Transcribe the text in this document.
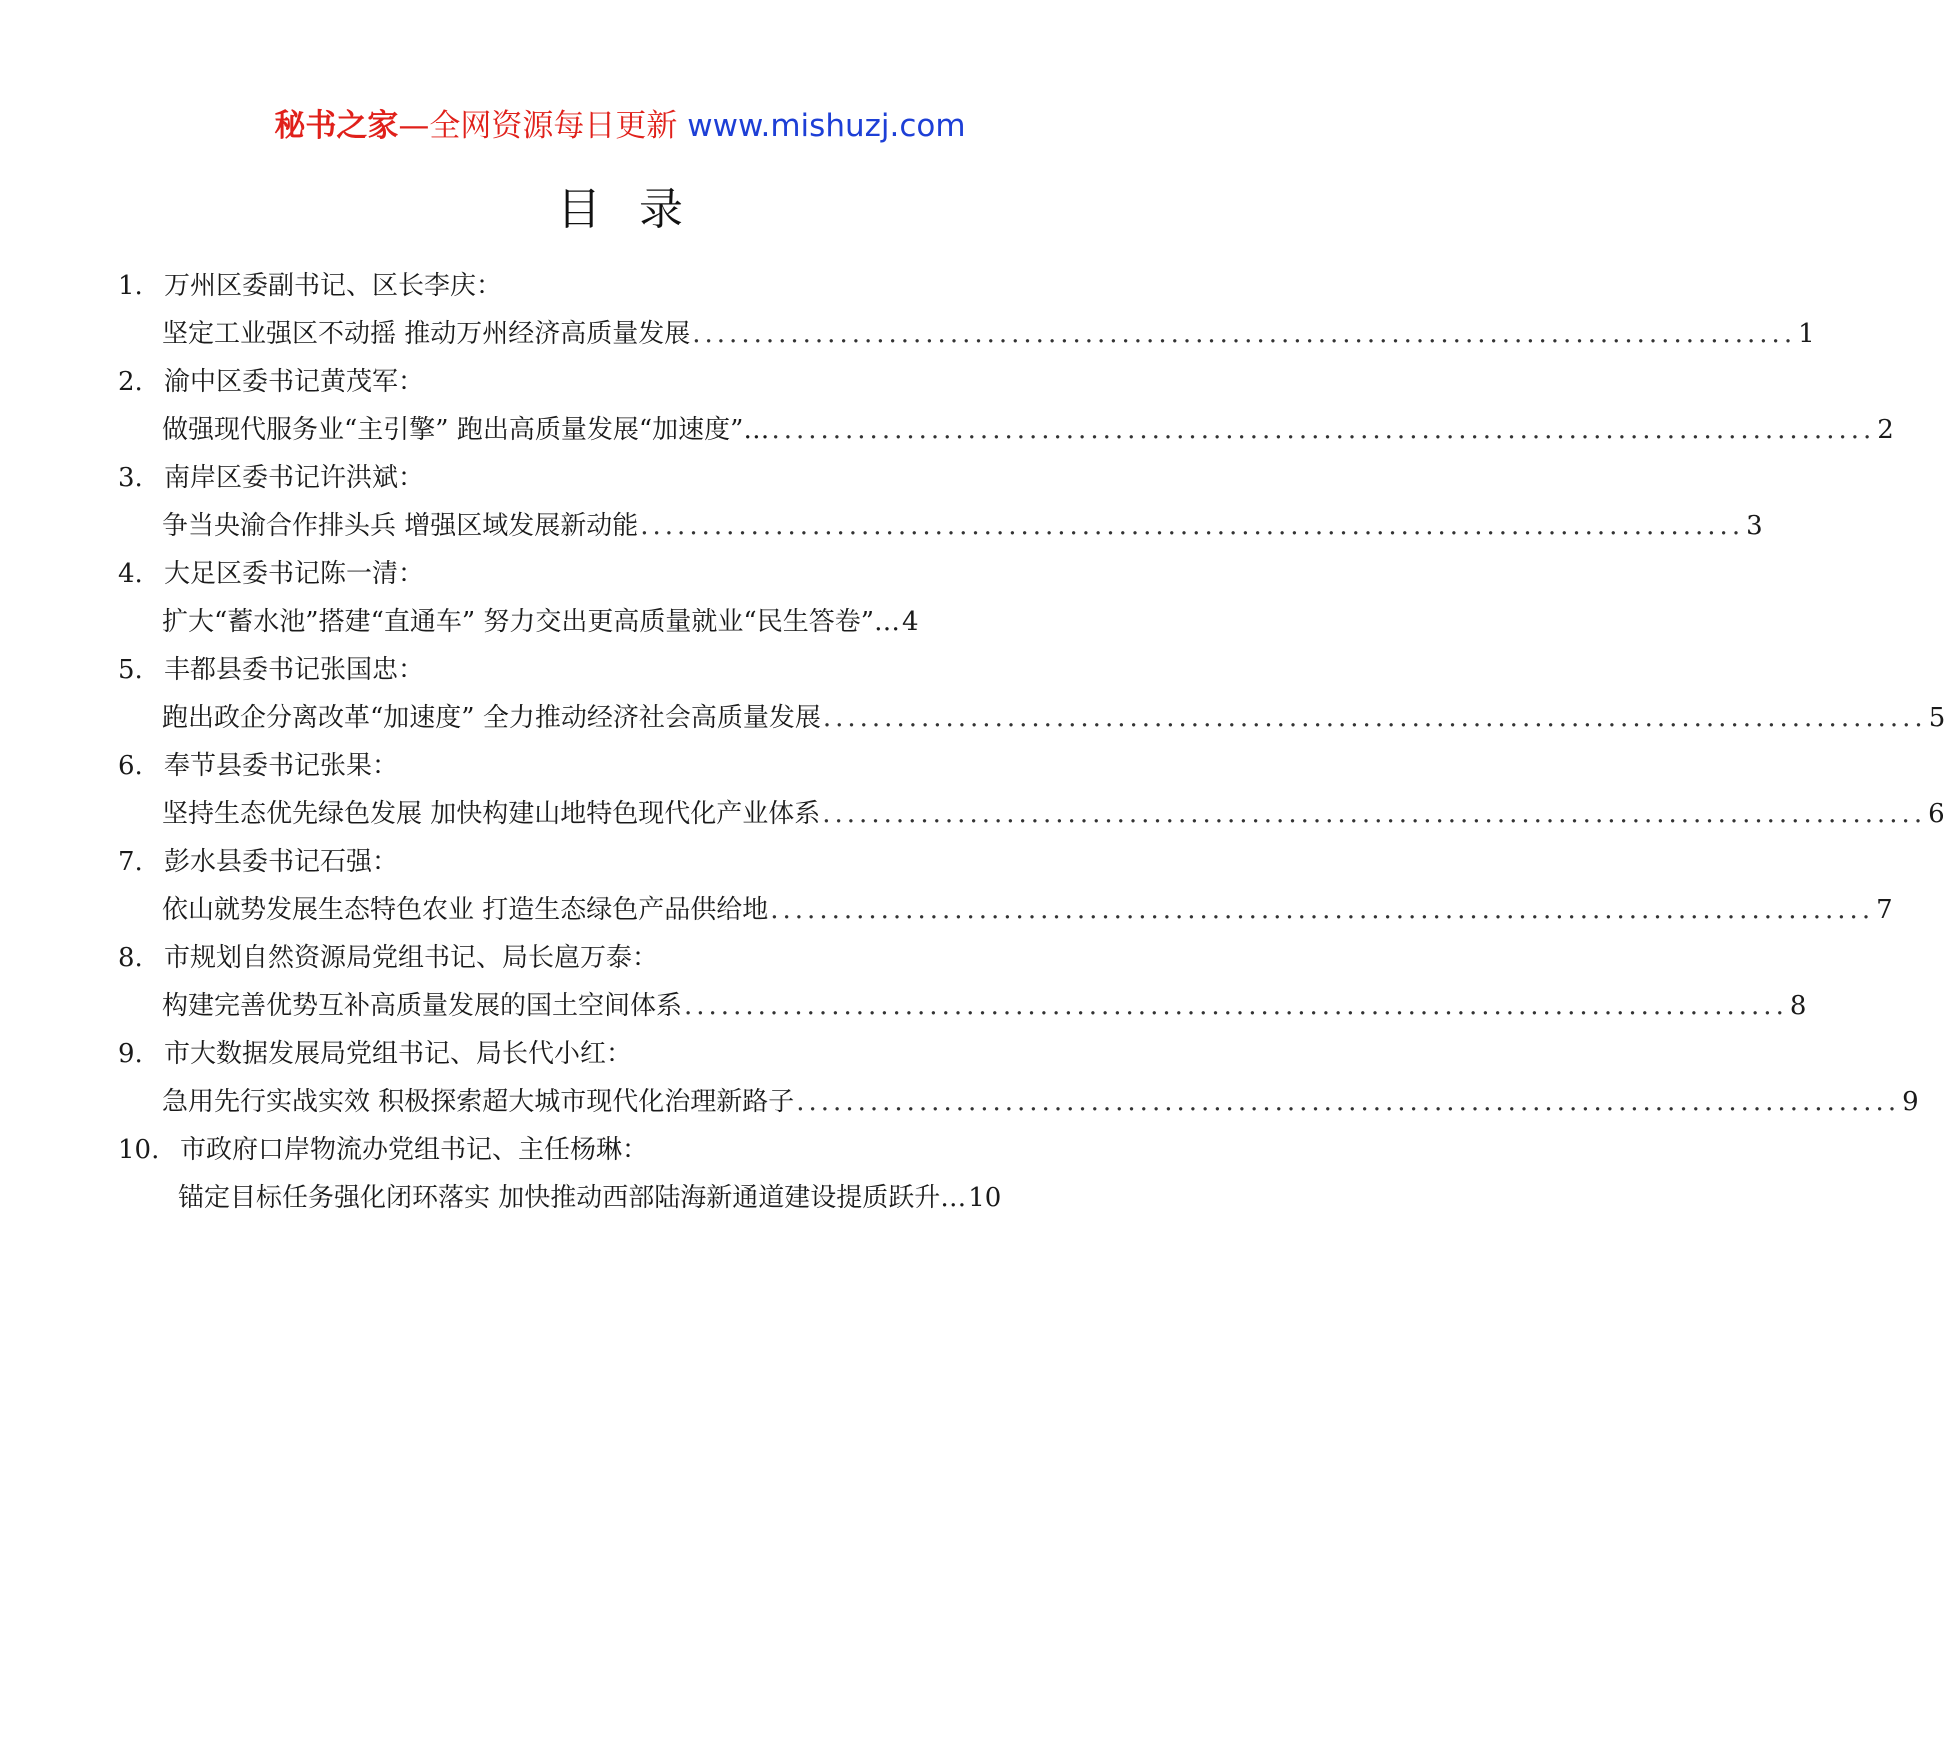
秘书之家—全网资源每日更新 www.mishuzj.com
目录
1. 万州区委副书记、区长李庆：
坚定工业强区不动摇 推动万州经济高质量发展 .......................................................................................... 1
2. 渝中区委书记黄茂军：
做强现代服务业“主引擎” 跑出高质量发展“加速度”… .......................................................................................... 2
3. 南岸区委书记许洪斌：
争当央渝合作排头兵 增强区域发展新动能 .......................................................................................... 3
4. 大足区委书记陈一清：
扩大“蓄水池”搭建“直通车” 努力交出更高质量就业“民生答卷”… 4
5. 丰都县委书记张国忠：
跑出政企分离改革“加速度” 全力推动经济社会高质量发展 .......................................................................................... 5
6. 奉节县委书记张果：
坚持生态优先绿色发展 加快构建山地特色现代化产业体系 .......................................................................................... 6
7. 彭水县委书记石强：
依山就势发展生态特色农业 打造生态绿色产品供给地 .......................................................................................... 7
8. 市规划自然资源局党组书记、局长扈万泰：
构建完善优势互补高质量发展的国土空间体系 .......................................................................................... 8
9. 市大数据发展局党组书记、局长代小红：
急用先行实战实效 积极探索超大城市现代化治理新路子 .......................................................................................... 9
10. 市政府口岸物流办党组书记、主任杨琳：
锚定目标任务强化闭环落实 加快推动西部陆海新通道建设提质跃升… 10
